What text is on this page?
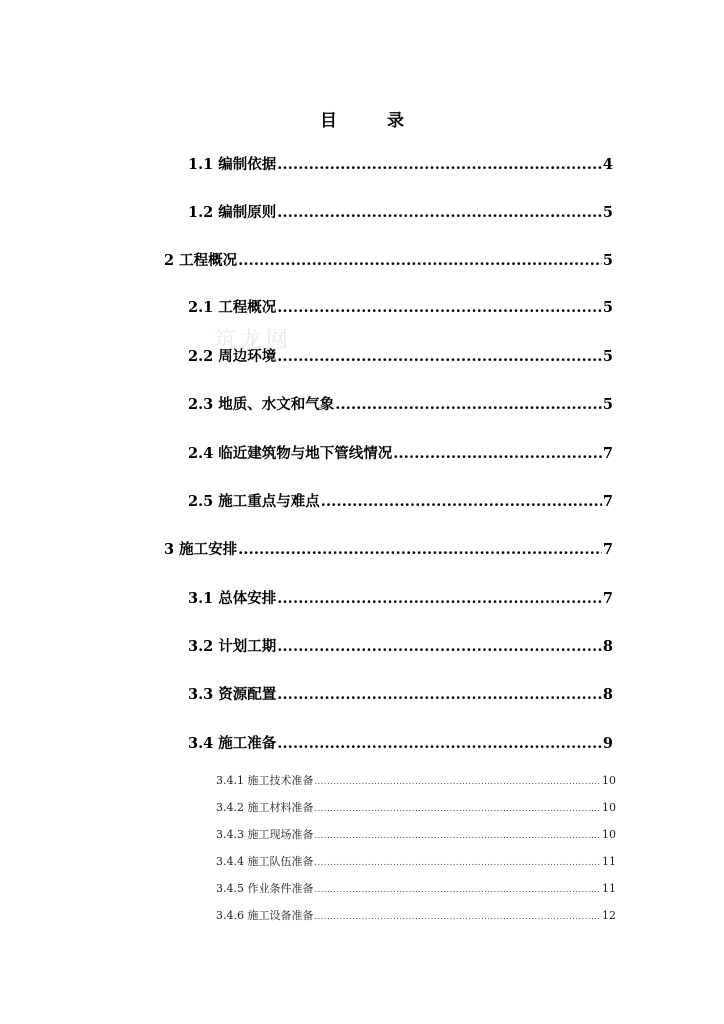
目	录
筑龙网
1.1 编制依据 .....	4
1.2 编制原则 .....	5
2 工程概况 .....	5
2.1 工程概况 .....	5
2.2 周边环境 .....	5
2.3 地质、水文和气象 .....	5
2.4 临近建筑物与地下管线情况 .....	7
2.5 施工重点与难点 .....	7
3 施工安排 .....	7
3.1 总体安排 .....	7
3.2 计划工期 .....	8
3.3 资源配置 .....	8
3.4 施工准备 .....	9
3.4.1 施工技术准备 .....	10
3.4.2 施工材料准备 .....	10
3.4.3 施工现场准备 .....	10
3.4.4 施工队伍准备 .....	11
3.4.5 作业条件准备 .....	11
3.4.6 施工设备准备 .....	12
